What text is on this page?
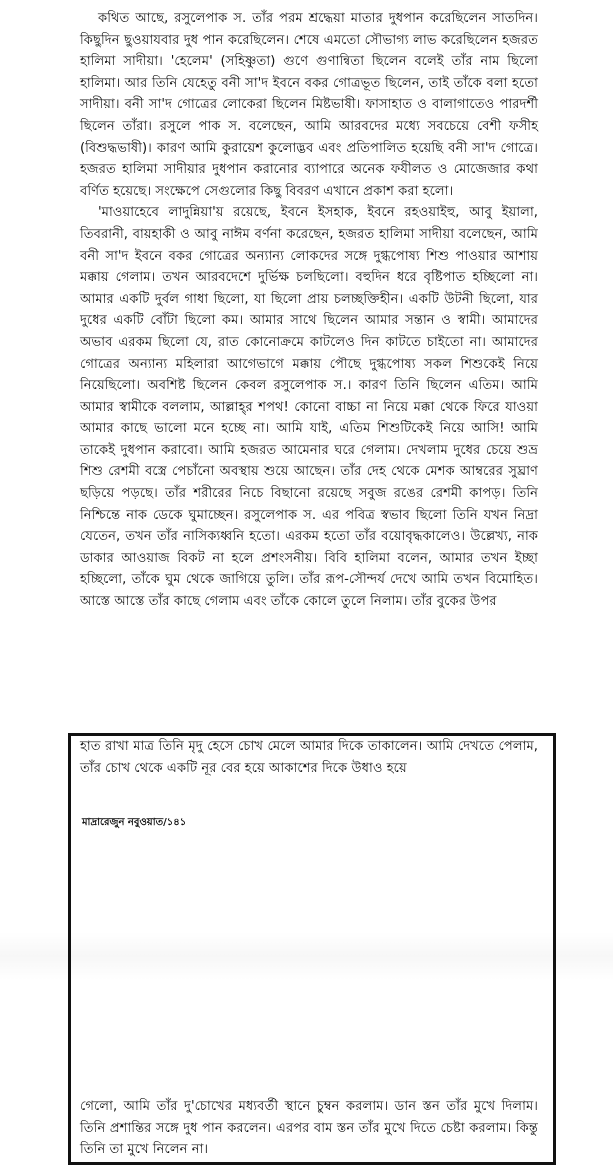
কথিত আছে, রসুলেপাক স. তাঁর পরম শ্রদ্ধেয়া মাতার দুধপান করেছিলেন সাতদিন। কিছুদিন ছুওয়াযবার দুধ পান করেছিলেন। শেষে এমতো সৌভাগ্য লাভ করেছিলেন হজরত হালিমা সাদীয়া। 'হেলেম' (সহিষ্ণুতা) গুণে গুণান্বিতা ছিলেন বলেই তাঁর নাম ছিলো হালিমা। আর তিনি যেহেতু বনী সা'দ ইবনে বকর গোত্রভূত ছিলেন, তাই তাঁকে বলা হতো সাদীয়া। বনী সা'দ গোত্রের লোকেরা ছিলেন মিষ্টভাষী। ফাসাহাত ও বালাগাতেও পারদর্শী ছিলেন তাঁরা। রসুলে পাক স. বলেছেন, আমি আরবদের মধ্যে সবচেয়ে বেশী ফসীহ (বিশুদ্ধভাষী)। কারণ আমি কুরায়েশ কুলোদ্ভব এবং প্রতিপালিত হয়েছি বনী সা'দ গোত্রে। হজরত হালিমা সাদীয়ার দুধপান করানোর ব্যাপারে অনেক ফযীলত ও মোজেজার কথা বর্ণিত হয়েছে। সংক্ষেপে সেগুলোর কিছু বিবরণ এখানে প্রকাশ করা হলো।

'মাওয়াহেবে লাদুন্নিয়া'য় রয়েছে, ইবনে ইসহাক, ইবনে রহওয়াইহু, আবু ইয়ালা, তিবরানী, বায়হাকী ও আবু নাঈম বর্ণনা করেছেন, হজরত হালিমা সাদীয়া বলেছেন, আমি বনী সা'দ ইবনে বকর গোত্রের অন্যান্য লোকদের সঙ্গে দুগ্ধপোষ্য শিশু পাওয়ার আশায় মক্কায় গেলাম। তখন আরবদেশে দুর্ভিক্ষ চলছিলো। বহুদিন ধরে বৃষ্টিপাত হচ্ছিলো না। আমার একটি দুর্বল গাধা ছিলো, যা ছিলো প্রায় চলচ্ছক্তিহীন। একটি উটনী ছিলো, যার দুধের একটি বোঁটা ছিলো কম। আমার সাথে ছিলেন আমার সন্তান ও স্বামী। আমাদের অভাব এরকম ছিলো যে, রাত কোনোক্রমে কাটলেও দিন কাটতে চাইতো না। আমাদের গোত্রের অন্যান্য মহিলারা আগেভাগে মক্কায় পৌছে দুগ্ধপোষ্য সকল শিশুকেই নিয়ে নিয়েছিলো। অবশিষ্ট ছিলেন কেবল রসুলেপাক স.। কারণ তিনি ছিলেন এতিম। আমি আমার স্বামীকে বললাম, আল্লাহ্‌র শপথ! কোনো বাচ্চা না নিয়ে মক্কা থেকে ফিরে যাওয়া আমার কাছে ভালো মনে হচ্ছে না। আমি যাই, এতিম শিশুটিকেই নিয়ে আসি! আমি তাকেই দুধপান করাবো। আমি হজরত আমেনার ঘরে গেলাম। দেখলাম দুধের চেয়ে শুভ্র শিশু রেশমী বস্ত্রে পেচাঁনো অবস্থায় শুয়ে আছেন। তাঁর দেহ থেকে মেশক আম্বরের সুঘ্রাণ ছড়িয়ে পড়ছে। তাঁর শরীরের নিচে বিছানো রয়েছে সবুজ রঙের রেশমী কাপড়। তিনি নিশ্চিন্তে নাক ডেকে ঘুমাচ্ছেন। রসুলেপাক স. এর পবিত্র স্বভাব ছিলো তিনি যখন নিদ্রা যেতেন, তখন তাঁর নাসিক্যধ্বনি হতো। এরকম হতো তাঁর বয়োবৃদ্ধকালেও। উল্লেখ্য, নাক ডাকার আওয়াজ বিকট না হলে প্রশংসনীয়। বিবি হালিমা বলেন, আমার তখন ইচ্ছা হচ্ছিলো, তাঁকে ঘুম থেকে জাগিয়ে তুলি। তাঁর রূপ-সৌন্দর্য দেখে আমি তখন বিমোহিত। আস্তে আস্তে তাঁর কাছে গেলাম এবং তাঁকে কোলে তুলে নিলাম। তাঁর বুকের উপর

হাত রাখা মাত্র তিনি মৃদু হেসে চোখ মেলে আমার দিকে তাকালেন। আমি দেখতে পেলাম, তাঁর চোখ থেকে একটি নূর বের হয়ে আকাশের দিকে উধাও হয়ে
মাদ্রারেজুন নবুওয়াত/১৪১
গেলো, আমি তাঁর দু'চোখের মধ্যবর্তী স্থানে চুম্বন করলাম। ডান স্তন তাঁর মুখে দিলাম। তিনি প্রশান্তির সঙ্গে দুধ পান করলেন। এরপর বাম স্তন তাঁর মুখে দিতে চেষ্টা করলাম। কিন্তু তিনি তা মুখে নিলেন না।
